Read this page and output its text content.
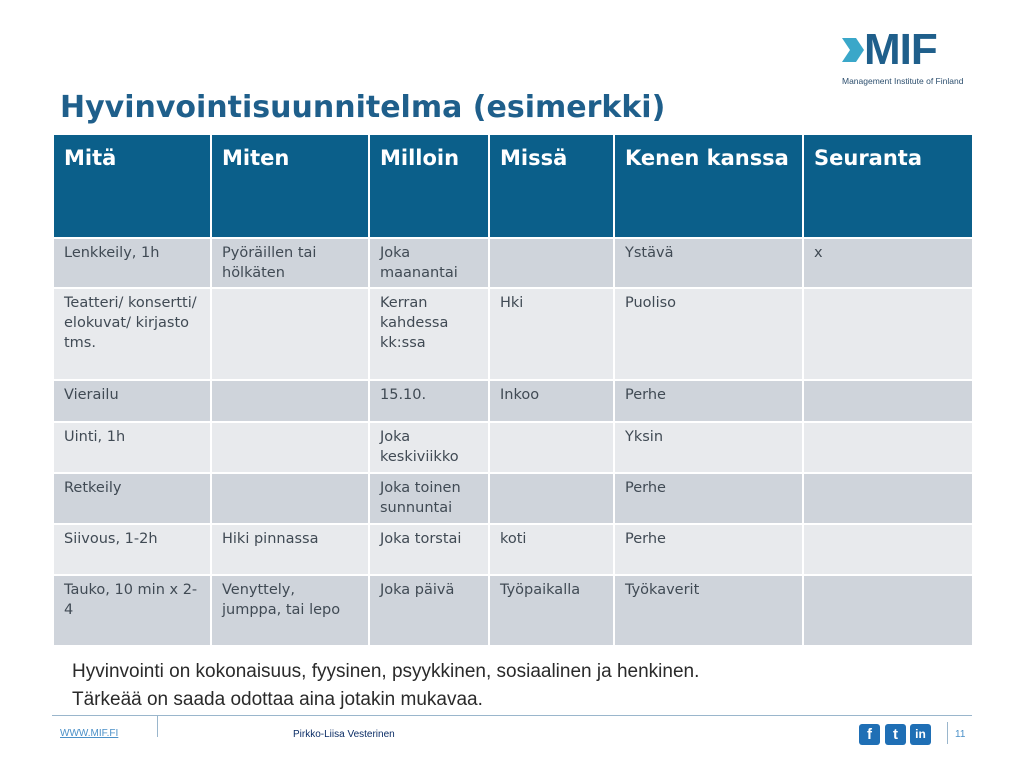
MIF
Management Institute of Finland
Hyvinvointisuunnitelma (esimerkki)
Mitä	Miten	Milloin	Missä	Kenen kanssa	Seuranta
Lenkkeily, 1h	Pyöräillen tai hölkäten	Joka maanantai		Ystävä	x
Teatteri/ konsertti/ elokuvat/ kirjasto tms.		Kerran kahdessa kk:ssa	Hki	Puoliso	
Vierailu		15.10.	Inkoo	Perhe	
Uinti, 1h		Joka keskiviikko		Yksin	
Retkeily		Joka toinen sunnuntai		Perhe	
Siivous, 1-2h	Hiki pinnassa	Joka torstai	koti	Perhe	
Tauko, 10 min x 2-4	Venyttely, jumppa, tai lepo	Joka päivä	Työpaikalla	Työkaverit	
Hyvinvointi on kokonaisuus, fyysinen, psyykkinen, sosiaalinen ja henkinen.
Tärkeää on saada odottaa aina jotakin mukavaa.
WWW.MIF.FI	Pirkko-Liisa Vesterinen	f	t	in	11
